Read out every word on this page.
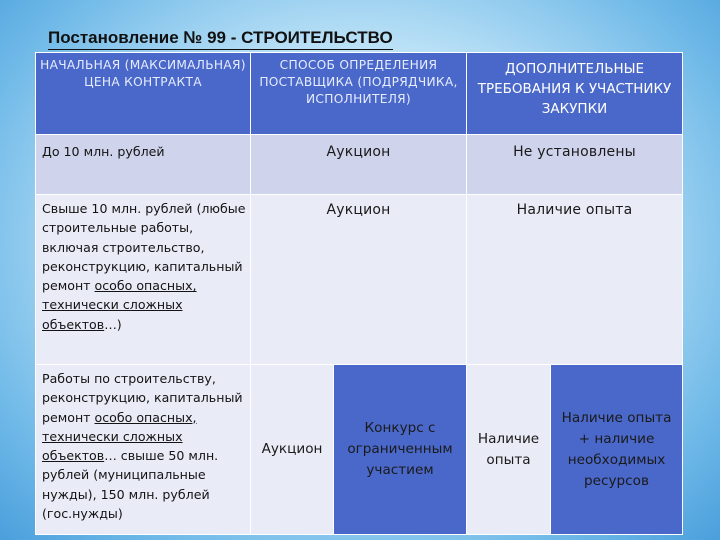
Постановление № 99 - СТРОИТЕЛЬСТВО
НАЧАЛЬНАЯ (МАКСИМАЛЬНАЯ) ЦЕНА КОНТРАКТА	СПОСОБ ОПРЕДЕЛЕНИЯ ПОСТАВЩИКА (ПОДРЯДЧИКА, ИСПОЛНИТЕЛЯ)		ДОПОЛНИТЕЛЬНЫЕ ТРЕБОВАНИЯ К УЧАСТНИКУ ЗАКУПКИ	
До 10 млн. рублей	Аукцион		Не установлены	
Свыше 10 млн. рублей (любые строительные работы, включая строительство, реконструкцию, капитальный ремонт особо опасных, технически сложных объектов…)	Аукцион		Наличие опыта	
Работы по строительству, реконструкцию, капитальный ремонт особо опасных, технически сложных объектов… свыше 50 млн. рублей (муниципальные нужды), 150 млн. рублей (гос.нужды)	Аукцион	Конкурс с ограниченным участием	Наличие опыта	Наличие опыта + наличие необходимых ресурсов
